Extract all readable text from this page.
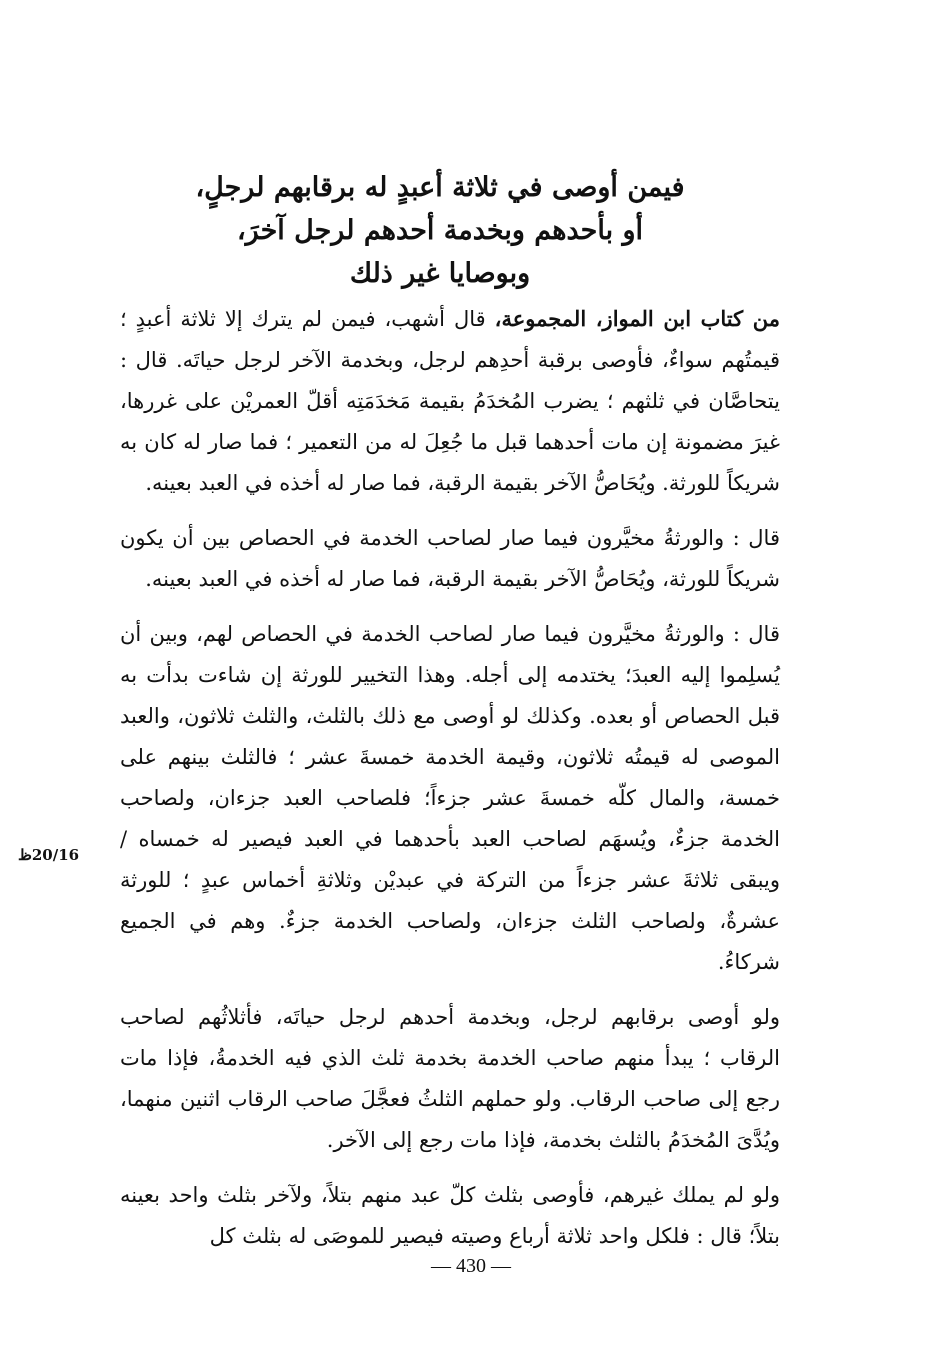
فيمن أوصى في ثلاثة أعبدٍ له برقابهم لرجلٍ،
أو بأحدهم وبخدمة أحدهم لرجل آخرَ،
وبوصايا غير ذلك

من كتاب ابن المواز، المجموعة، قال أشهب، فيمن لم يترك إلا ثلاثة أعبدٍ ؛ قيمتُهم سواءٌ، فأوصى برقبة أحدِهم لرجل، وبخدمة الآخر لرجل حياتَه. قال : يتحاصَّان في ثلثهم ؛ يضرب المُخدَمُ بقيمة مَخدَمَتِه أقلّ العمريْن على غررها، غيرَ مضمونة إن مات أحدهما قبل ما جُعِلَ له من التعمير ؛ فما صار له كان به شريكاً للورثة. ويُحَاصُّ الآخر بقيمة الرقبة، فما صار له أخذه في العبد بعينه.

قال : والورثةُ مخيَّرون فيما صار لصاحب الخدمة في الحصاص بين أن يكون شريكاً للورثة، ويُحَاصُّ الآخر بقيمة الرقبة، فما صار له أخذه في العبد بعينه.

قال : والورثةُ مخيَّرون فيما صار لصاحب الخدمة في الحصاص لهم، وبين أن يُسلِموا إليه العبدَ؛ يختدمه إلى أجله. وهذا التخيير للورثة إن شاءت بدأت به قبل الحصاص أو بعده. وكذلك لو أوصى مع ذلك بالثلث، والثلث ثلاثون، والعبد الموصى له قيمتُه ثلاثون، وقيمة الخدمة خمسةَ عشر ؛ فالثلث بينهم على خمسة، والمال كلّه خمسةَ عشر جزءاً؛ فلصاحب العبد جزءان، ولصاحب الخدمة جزءٌ، ويُسهَم لصاحب العبد بأحدهما في العبد فيصير له خمساه / ويبقى ثلاثةَ عشر جزءاً من التركة في عبديْن وثلاثةِ أخماس عبدٍ ؛ للورثة عشرةٌ، ولصاحب الثلث جزءان، ولصاحب الخدمة جزءٌ. وهم في الجميع شركاءُ.

ولو أوصى برقابهم لرجل، وبخدمة أحدهم لرجل حياتَه، فأثلاثُهم لصاحب الرقاب ؛ يبدأ منهم صاحب الخدمة بخدمة ثلث الذي فيه الخدمةُ، فإذا مات رجع إلى صاحب الرقاب. ولو حملهم الثلثُ فعجَّلَ صاحب الرقاب اثنين منهما، ويُدَّىَ المُخدَمُ بالثلث بخدمة، فإذا مات رجع إلى الآخر.

ولو لم يملك غيرهم، فأوصى بثلث كلّ عبد منهم بتلاً، ولآخر بثلث واحد بعينه بتلاً؛ قال : فلكل واحد ثلاثة أرباع وصيته فيصير للموصَى له بثلث كل

20/16ظ
— 430 —
